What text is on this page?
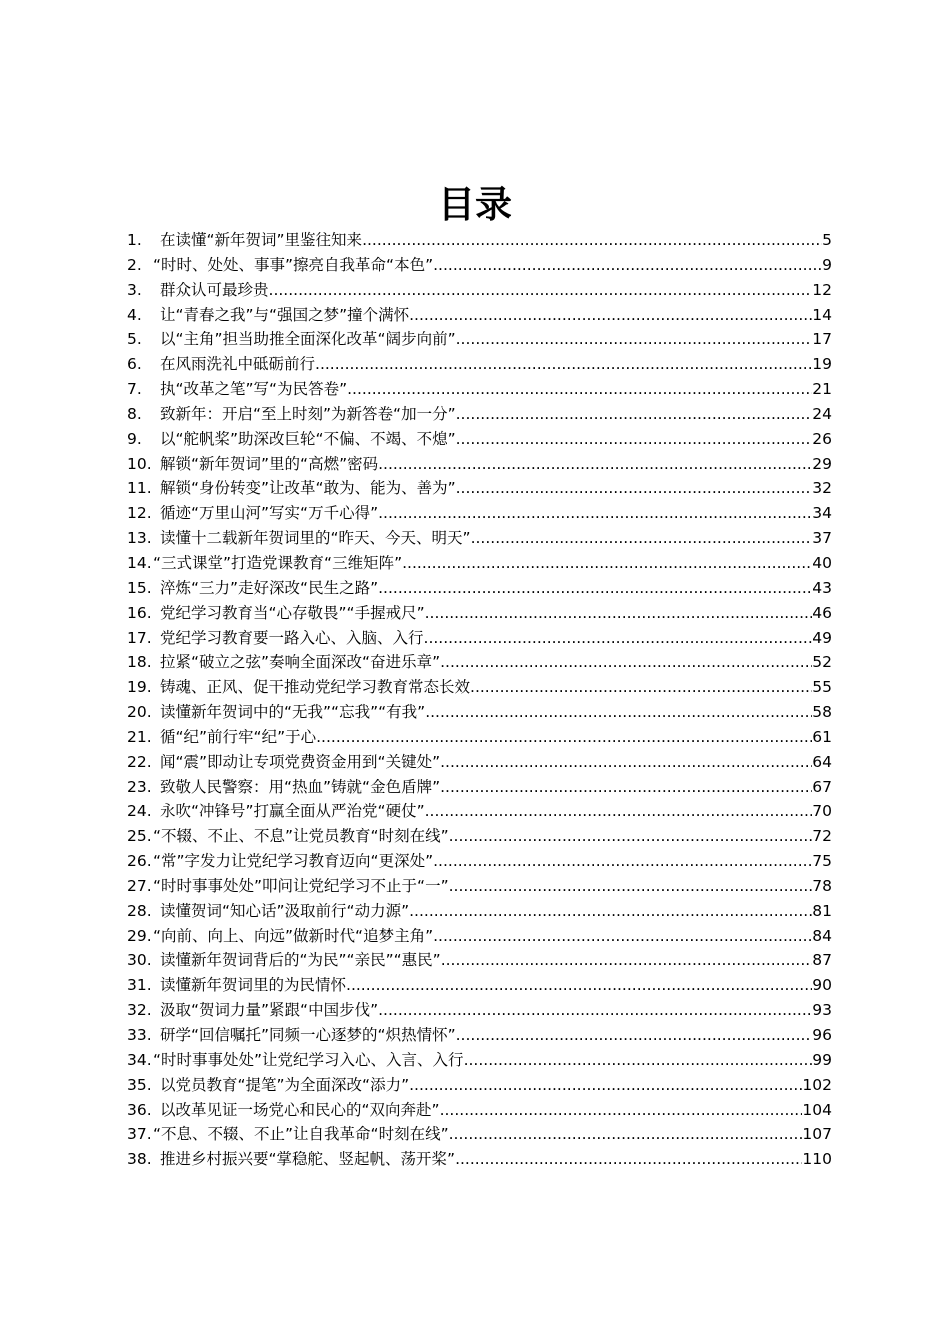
目录
1.	在读懂“新年贺词”里鉴往知来 .....	5
2. “时时、处处、事事”擦亮自我革命“本色” .....	9
3.	群众认可最珍贵 .....	12
4.	让“青春之我”与“强国之梦”撞个满怀 .....	14
5.	以“主角”担当助推全面深化改革“阔步向前” .....	17
6.	在风雨洗礼中砥砺前行 .....	19
7.	执“改革之笔”写“为民答卷” .....	21
8.	致新年：开启“至上时刻”为新答卷“加一分” .....	24
9.	以“舵帆桨”助深改巨轮“不偏、不竭、不熄” .....	26
10. 解锁“新年贺词”里的“高燃”密码 .....	29
11. 解锁“身份转变”让改革“敢为、能为、善为” .....	32
12. 循迹“万里山河”写实“万千心得” .....	34
13. 读懂十二载新年贺词里的“昨天、今天、明天” .....	37
14. “三式课堂”打造党课教育“三维矩阵” .....	40
15. 淬炼“三力”走好深改“民生之路” .....	43
16. 党纪学习教育当“心存敬畏”“手握戒尺” .....	46
17. 党纪学习教育要一路入心、入脑、入行 .....	49
18. 拉紧“破立之弦”奏响全面深改“奋进乐章” .....	52
19. 铸魂、正风、促干推动党纪学习教育常态长效 .....	55
20. 读懂新年贺词中的“无我”“忘我”“有我” .....	58
21. 循“纪”前行牢“纪”于心 .....	61
22. 闻“震”即动让专项党费资金用到“关键处” .....	64
23. 致敬人民警察：用“热血”铸就“金色盾牌” .....	67
24. 永吹“冲锋号”打赢全面从严治党“硬仗” .....	70
25. “不辍、不止、不息”让党员教育“时刻在线” .....	72
26. “常”字发力让党纪学习教育迈向“更深处” .....	75
27. “时时事事处处”叩问让党纪学习不止于“一” .....	78
28. 读懂贺词“知心话”汲取前行“动力源” .....	81
29. “向前、向上、向远”做新时代“追梦主角” .....	84
30. 读懂新年贺词背后的“为民”“亲民”“惠民” .....	87
31. 读懂新年贺词里的为民情怀 .....	90
32. 汲取“贺词力量”紧跟“中国步伐” .....	93
33. 研学“回信嘱托”同频一心逐梦的“炽热情怀” .....	96
34. “时时事事处处”让党纪学习入心、入言、入行 .....	99
35. 以党员教育“提笔”为全面深改“添力” .....	102
36. 以改革见证一场党心和民心的“双向奔赴” .....	104
37. “不息、不辍、不止”让自我革命“时刻在线” .....	107
38. 推进乡村振兴要“掌稳舵、竖起帆、荡开桨” .....	110
